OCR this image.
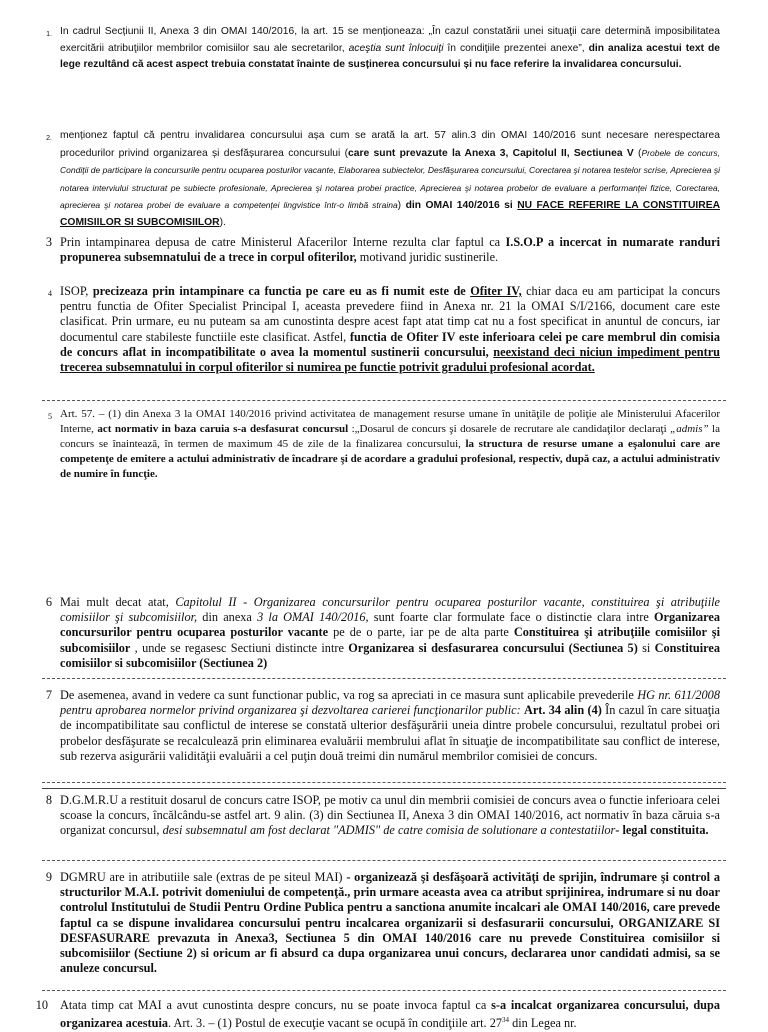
1. In cadrul Secțiunii II, Anexa 3 din OMAI 140/2016, la art. 15 se menționeaza: „În cazul constatării unei situaţii care determină imposibilitatea exercitării atribuţiilor membrilor comisiilor sau ale secretarilor, aceştia sunt înlocuiţi în condiţiile prezentei anexe”, din analiza acestui text de lege rezultând că acest aspect trebuia constatat înainte de susținerea concursului și nu face referire la invalidarea concursului.

2. menționez faptul că pentru invalidarea concursului așa cum se arată la art. 57 alin.3 din OMAI 140/2016 sunt necesare nerespectarea procedurilor privind organizarea și desfășurarea concursului (care sunt prevazute la Anexa 3, Capitolul II, Sectiunea V (Probele de concurs, Condiţii de participare la concursurile pentru ocuparea posturilor vacante, Elaborarea subiectelor, Desfăşurarea concursului, Corectarea şi notarea testelor scrise, Aprecierea şi notarea interviului structurat pe subiecte profesionale, Aprecierea şi notarea probei practice, Aprecierea şi notarea probelor de evaluare a performanţei fizice, Corectarea, aprecierea şi notarea probei de evaluare a competenţei lingvistice într-o limbă straina) din OMAI 140/2016 si NU FACE REFERIRE LA CONSTITUIREA COMISIILOR SI SUBCOMISIILOR).

3 Prin intampinarea depusa de catre Ministerul Afacerilor Interne rezulta clar faptul ca I.S.O.P a incercat in numarate randuri propunerea subsemnatului de a trece in corpul ofiterilor, motivand juridic sustinerile.

4 ISOP, precizeaza prin intampinare ca functia pe care eu as fi numit este de Ofiter IV, chiar daca eu am participat la concurs pentru functia de Ofiter Specialist Principal I, aceasta prevedere fiind in Anexa nr. 21 la OMAI S/I/2166, document care este clasificat. Prin urmare, eu nu puteam sa am cunostinta despre acest fapt atat timp cat nu a fost specificat in anuntul de concurs, iar documentul care stabileste functiile este clasificat. Astfel, functia de Ofiter IV este inferioara celei pe care membrul din comisia de concurs aflat in incompatibilitate o avea la momentul sustinerii concursului, neexistand deci niciun impediment pentru trecerea subsemnatului in corpul ofiterilor si numirea pe functie potrivit gradului profesional acordat.

5 Art. 57. – (1) din Anexa 3 la OMAI 140/2016 privind activitatea de management resurse umane în unităţile de poliţie ale Ministerului Afacerilor Interne, act normativ in baza caruia s-a desfasurat concursul :„Dosarul de concurs şi dosarele de recrutare ale candidaţilor declaraţi „admis” la concurs se înaintează, în termen de maximum 45 de zile de la finalizarea concursului, la structura de resurse umane a eşalonului care are competenţe de emitere a actului administrativ de încadrare şi de acordare a gradului profesional, respectiv, după caz, a actului administrativ de numire în funcţie.

6 Mai mult decat atat, Capitolul II - Organizarea concursurilor pentru ocuparea posturilor vacante, constituirea şi atribuţiile comisiilor şi subcomisiilor, din anexa 3 la OMAI 140/2016, sunt foarte clar formulate face o distinctie clara intre Organizarea concursurilor pentru ocuparea posturilor vacante pe de o parte, iar pe de alta parte Constituirea şi atribuţiile comisiilor şi subcomisiilor , unde se regasesc Sectiuni distincte intre Organizarea si desfasurarea concursului (Sectiunea 5) si Constituirea comisiilor si subcomisiilor (Sectiunea 2)

7 De asemenea, avand in vedere ca sunt functionar public, va rog sa apreciati in ce masura sunt aplicabile prevederile HG nr. 611/2008 pentru aprobarea normelor privind organizarea şi dezvoltarea carierei funcţionarilor public: Art. 34 alin (4) În cazul în care situaţia de incompatibilitate sau conflictul de interese se constată ulterior desfăşurării uneia dintre probele concursului, rezultatul probei ori probelor desfăşurate se recalculează prin eliminarea evaluării membrului aflat în situaţie de incompatibilitate sau conflict de interese, sub rezerva asigurării validităţii evaluării a cel puţin două treimi din numărul membrilor comisiei de concurs.

8 D.G.M.R.U a restituit dosarul de concurs catre ISOP, pe motiv ca unul din membrii comisiei de concurs avea o functie inferioara celei scoase la concurs, încălcându-se astfel art. 9 alin. (3) din Sectiunea II, Anexa 3 din OMAI 140/2016, act normativ în baza căruia s-a organizat concursul, desi subsemnatul am fost declarat "ADMIS" de catre comisia de solutionare a contestatiilor- legal constituita.

9 DGMRU are in atributiile sale (extras de pe siteul MAI) - organizează şi desfăşoară activităţi de sprijin, îndrumare şi control a structurilor M.A.I. potrivit domeniului de competenţă., prin urmare aceasta avea ca atribut sprijinirea, indrumare si nu doar controlul Institutului de Studii Pentru Ordine Publica pentru a sanctiona anumite incalcari ale OMAI 140/2016, care prevede faptul ca se dispune invalidarea concursului pentru incalcarea organizarii si desfasurarii concursului, ORGANIZARE SI DESFASURARE prevazuta in Anexa3, Sectiunea 5 din OMAI 140/2016 care nu prevede Constituirea comisiilor si subcomisiilor (Sectiune 2) si oricum ar fi absurd ca dupa organizarea unui concurs, declararea unor candidati admisi, sa se anuleze concursul.

10 Atata timp cat MAI a avut cunostinta despre concurs, nu se poate invoca faptul ca s-a incalcat organizarea concursului, dupa organizarea acestuia. Art. 3. – (1) Postul de execuţie vacant se ocupă în condiţiile art. $27^{34}$ din Legea nr.
